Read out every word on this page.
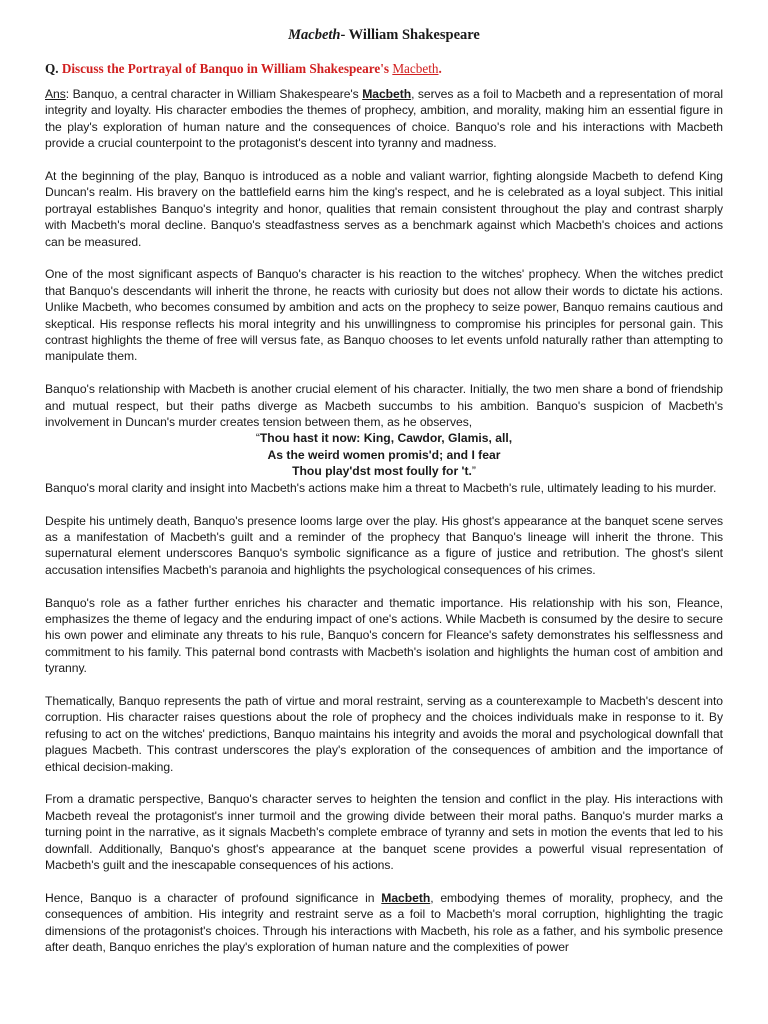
Macbeth- William Shakespeare

Q. Discuss the Portrayal of Banquo in William Shakespeare's Macbeth.

Ans: Banquo, a central character in William Shakespeare's Macbeth, serves as a foil to Macbeth and a representation of moral integrity and loyalty. His character embodies the themes of prophecy, ambition, and morality, making him an essential figure in the play's exploration of human nature and the consequences of choice. Banquo's role and his interactions with Macbeth provide a crucial counterpoint to the protagonist's descent into tyranny and madness.

At the beginning of the play, Banquo is introduced as a noble and valiant warrior, fighting alongside Macbeth to defend King Duncan's realm. His bravery on the battlefield earns him the king's respect, and he is celebrated as a loyal subject. This initial portrayal establishes Banquo's integrity and honor, qualities that remain consistent throughout the play and contrast sharply with Macbeth's moral decline. Banquo's steadfastness serves as a benchmark against which Macbeth's choices and actions can be measured.

One of the most significant aspects of Banquo's character is his reaction to the witches' prophecy. When the witches predict that Banquo's descendants will inherit the throne, he reacts with curiosity but does not allow their words to dictate his actions. Unlike Macbeth, who becomes consumed by ambition and acts on the prophecy to seize power, Banquo remains cautious and skeptical. His response reflects his moral integrity and his unwillingness to compromise his principles for personal gain. This contrast highlights the theme of free will versus fate, as Banquo chooses to let events unfold naturally rather than attempting to manipulate them.

Banquo's relationship with Macbeth is another crucial element of his character. Initially, the two men share a bond of friendship and mutual respect, but their paths diverge as Macbeth succumbs to his ambition. Banquo's suspicion of Macbeth's involvement in Duncan's murder creates tension between them, as he observes,

“Thou hast it now: King, Cawdor, Glamis, all,

As the weird women promis'd; and I fear

Thou play'dst most foully for 't.”

Banquo's moral clarity and insight into Macbeth's actions make him a threat to Macbeth's rule, ultimately leading to his murder.

Despite his untimely death, Banquo's presence looms large over the play. His ghost's appearance at the banquet scene serves as a manifestation of Macbeth's guilt and a reminder of the prophecy that Banquo's lineage will inherit the throne. This supernatural element underscores Banquo's symbolic significance as a figure of justice and retribution. The ghost's silent accusation intensifies Macbeth's paranoia and highlights the psychological consequences of his crimes.

Banquo's role as a father further enriches his character and thematic importance. His relationship with his son, Fleance, emphasizes the theme of legacy and the enduring impact of one's actions. While Macbeth is consumed by the desire to secure his own power and eliminate any threats to his rule, Banquo's concern for Fleance's safety demonstrates his selflessness and commitment to his family. This paternal bond contrasts with Macbeth's isolation and highlights the human cost of ambition and tyranny.

Thematically, Banquo represents the path of virtue and moral restraint, serving as a counterexample to Macbeth's descent into corruption. His character raises questions about the role of prophecy and the choices individuals make in response to it. By refusing to act on the witches' predictions, Banquo maintains his integrity and avoids the moral and psychological downfall that plagues Macbeth. This contrast underscores the play's exploration of the consequences of ambition and the importance of ethical decision-making.

From a dramatic perspective, Banquo's character serves to heighten the tension and conflict in the play. His interactions with Macbeth reveal the protagonist's inner turmoil and the growing divide between their moral paths. Banquo's murder marks a turning point in the narrative, as it signals Macbeth's complete embrace of tyranny and sets in motion the events that led to his downfall. Additionally, Banquo's ghost's appearance at the banquet scene provides a powerful visual representation of Macbeth's guilt and the inescapable consequences of his actions.

Hence, Banquo is a character of profound significance in Macbeth, embodying themes of morality, prophecy, and the consequences of ambition. His integrity and restraint serve as a foil to Macbeth's moral corruption, highlighting the tragic dimensions of the protagonist's choices. Through his interactions with Macbeth, his role as a father, and his symbolic presence after death, Banquo enriches the play's exploration of human nature and the complexities of power
